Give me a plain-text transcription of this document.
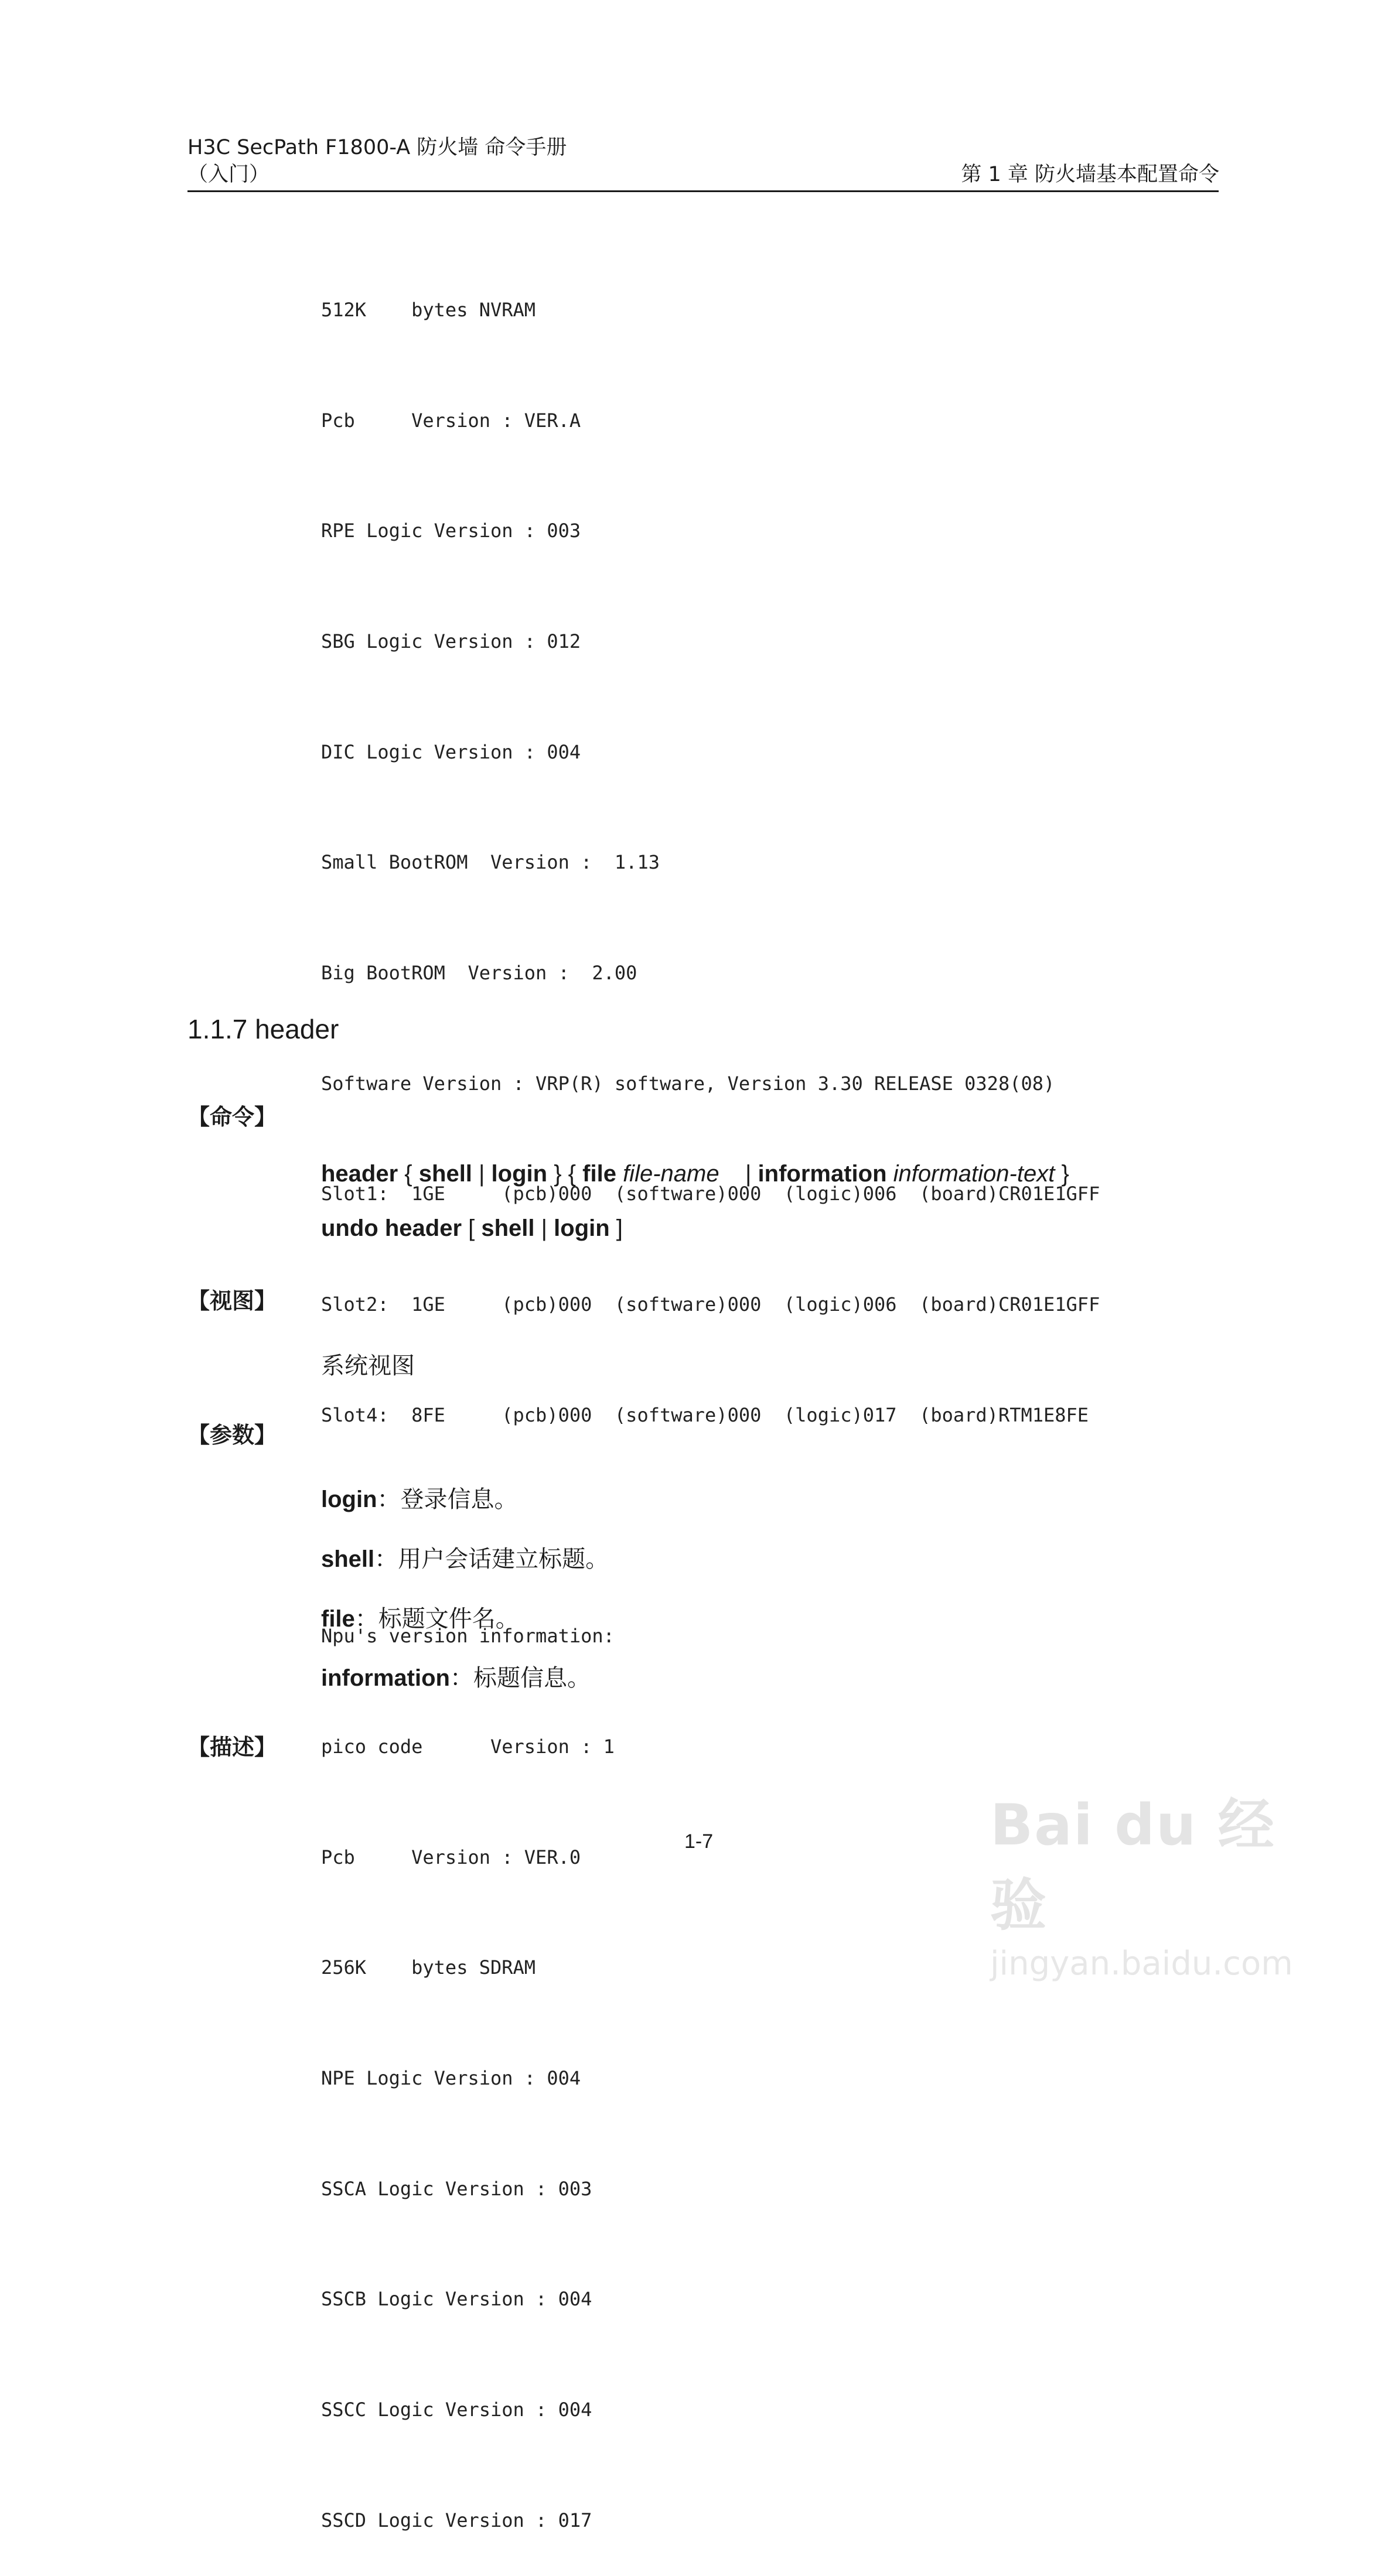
H3C SecPath F1800-A 防火墙 命令手册
（入门）	第 1 章 防火墙基本配置命令

512K    bytes NVRAM

Pcb     Version : VER.A

RPE Logic Version : 003

SBG Logic Version : 012

DIC Logic Version : 004

Small BootROM  Version :  1.13

Big BootROM  Version :  2.00

Software Version : VRP(R) software, Version 3.30 RELEASE 0328(08)

Slot1:  1GE     (pcb)000  (software)000  (logic)006  (board)CR01E1GFF

Slot2:  1GE     (pcb)000  (software)000  (logic)006  (board)CR01E1GFF

Slot4:  8FE     (pcb)000  (software)000  (logic)017  (board)RTM1E8FE

Npu's version information:

pico code      Version : 1

Pcb     Version : VER.0

256K    bytes SDRAM

NPE Logic Version : 004

SSCA Logic Version : 003

SSCB Logic Version : 004

SSCC Logic Version : 004

SSCD Logic Version : 017

1.1.7 header
【命令】
header { shell | login } { file file-name    | information information-text }
undo header [ shell | login ]
【视图】
系统视图
【参数】
login：登录信息。
shell：用户会话建立标题。
file：标题文件名。
information：标题信息。
【描述】
1-7	Bai du 经验
jingyan.baidu.com
